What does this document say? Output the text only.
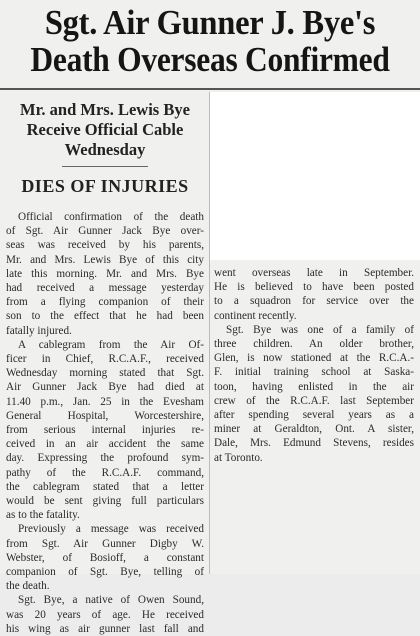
Sgt. Air Gunner J. Bye's
Death Overseas Confirmed
Mr. and Mrs. Lewis Bye
Receive Official Cable
Wednesday
DIES OF INJURIES
Official confirmation of the death
of Sgt. Air Gunner Jack Bye over-
seas was received by his parents,
Mr. and Mrs. Lewis Bye of this city
late this morning. Mr. and Mrs. Bye
had received a message yesterday
from a flying companion of their
son to the effect that he had been
fatally injured.
A cablegram from the Air Of-
ficer in Chief, R.C.A.F., received
Wednesday morning stated that Sgt.
Air Gunner Jack Bye had died at
11.40 p.m., Jan. 25 in the Evesham
General Hospital, Worcestershire,
from serious internal injuries re-
ceived in an air accident the same
day. Expressing the profound sym-
pathy of the R.C.A.F. command,
the cablegram stated that a letter
would be sent giving full particulars
as to the fatality.
Previously a message was received
from Sgt. Air Gunner Digby W.
Webster, of Bosioff, a constant
companion of Sgt. Bye, telling of
the death.
Sgt. Bye, a native of Owen Sound,
was 20 years of age. He received
his wing as air gunner last fall and
went overseas late in September.
He is believed to have been posted
to a squadron for service over the
continent recently.
Sgt. Bye was one of a family of
three children. An older brother,
Glen, is now stationed at the R.C.A.-
F. initial training school at Saska-
toon, having enlisted in the air
crew of the R.C.A.F. last September
after spending several years as a
miner at Geraldton, Ont. A sister,
Dale, Mrs. Edmund Stevens, resides
at Toronto.
